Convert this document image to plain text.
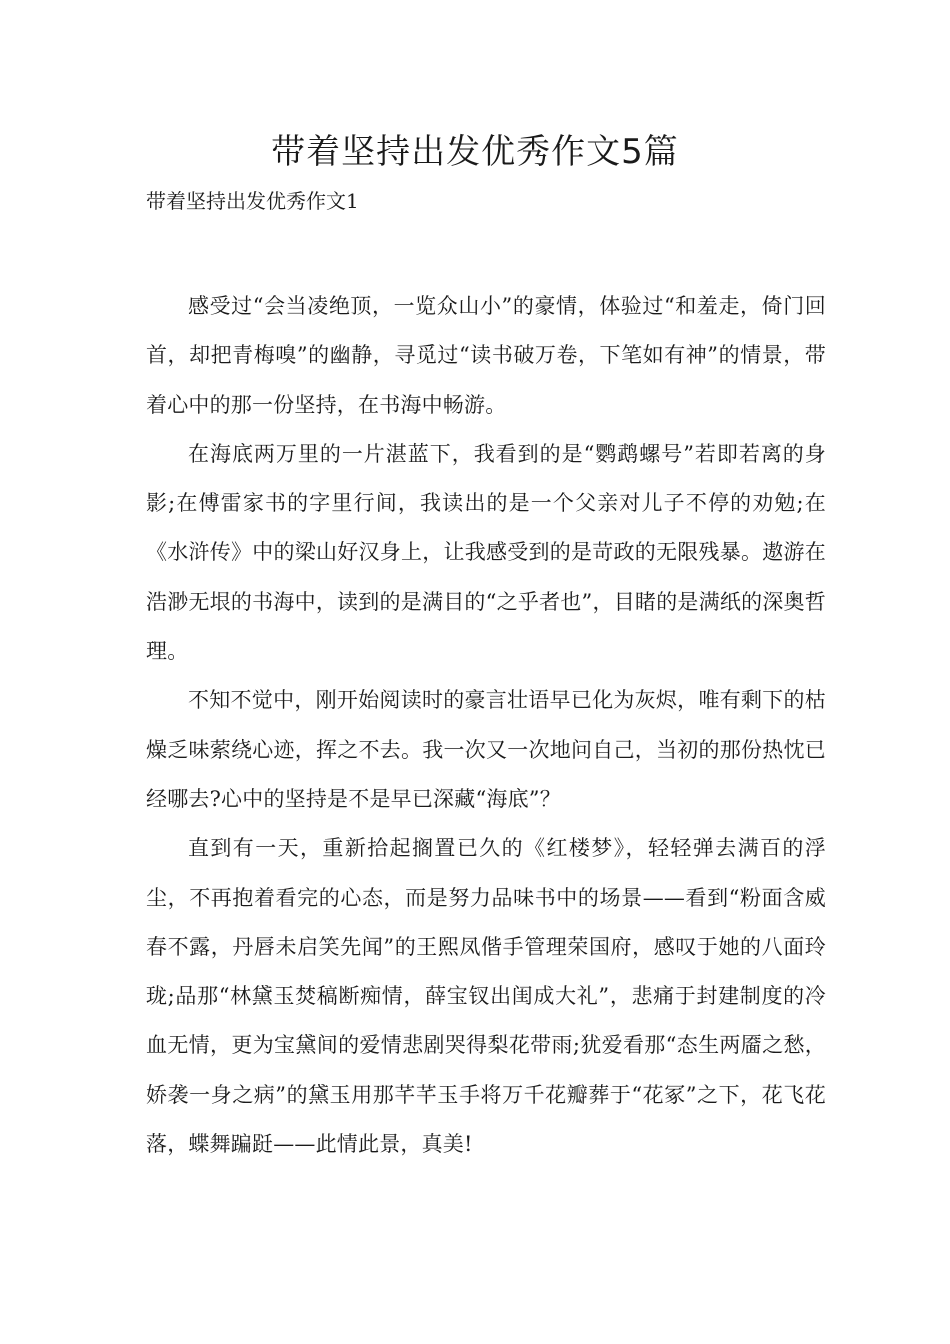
带着坚持出发优秀作文5篇

带着坚持出发优秀作文1

感受过“会当凌绝顶，一览众山小”的豪情，体验过“和羞走，倚门回首，却把青梅嗅”的幽静，寻觅过“读书破万卷，下笔如有神”的情景，带着心中的那一份坚持，在书海中畅游。

在海底两万里的一片湛蓝下，我看到的是“鹦鹉螺号”若即若离的身影;在傅雷家书的字里行间，我读出的是一个父亲对儿子不停的劝勉;在《水浒传》中的梁山好汉身上，让我感受到的是苛政的无限残暴。遨游在浩渺无垠的书海中，读到的是满目的“之乎者也”，目睹的是满纸的深奥哲理。

不知不觉中，刚开始阅读时的豪言壮语早已化为灰烬，唯有剩下的枯燥乏味萦绕心迹，挥之不去。我一次又一次地问自己，当初的那份热忱已经哪去?心中的坚持是不是早已深藏“海底”？

直到有一天，重新拾起搁置已久的《红楼梦》，轻轻弹去满百的浮尘，不再抱着看完的心态，而是努力品味书中的场景——看到“粉面含威春不露，丹唇未启笑先闻”的王熙凤偕手管理荣国府，感叹于她的八面玲珑;品那“林黛玉焚稿断痴情，薛宝钗出闺成大礼”，悲痛于封建制度的冷血无情，更为宝黛间的爱情悲剧哭得梨花带雨;犹爱看那“态生两靥之愁，娇袭一身之病”的黛玉用那芊芊玉手将万千花瓣葬于“花冢”之下，花飞花落，蝶舞蹁跹——此情此景，真美!
